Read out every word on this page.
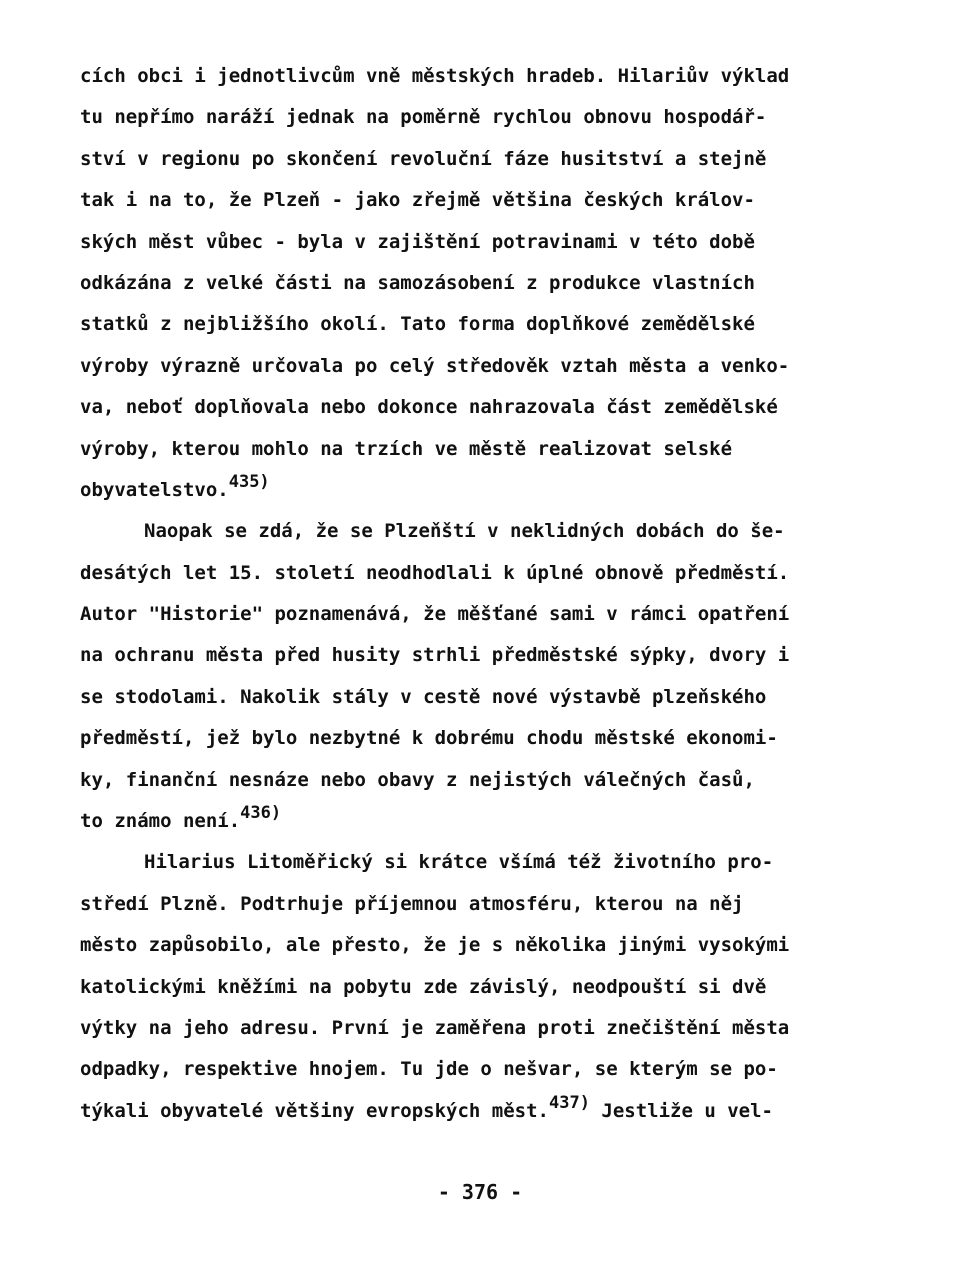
cích obci i jednotlivcům vně městských hradeb. Hilariův výklad
tu nepřímo naráží jednak na poměrně rychlou obnovu hospodář-
ství v regionu po skončení revoluční fáze husitství a stejně
tak i na to, že Plzeň - jako zřejmě většina českých králov-
ských měst vůbec - byla v zajištění potravinami v této době
odkázána z velké části na samozásobení z produkce vlastních
statků z nejbližšího okolí. Tato forma doplňkové zemědělské
výroby výrazně určovala po celý středověk vztah města a venko-
va, neboť doplňovala nebo dokonce nahrazovala část zemědělské
výroby, kterou mohlo na trzích ve městě realizovat selské
obyvatelstvo.$^{435)}$
Naopak se zdá, že se Plzeňští v neklidných dobách do še-
desátých let 15. století neodhodlali k úplné obnově předměstí.
Autor "Historie" poznamenává, že měšťané sami v rámci opatření
na ochranu města před husity strhli předměstské sýpky, dvory i
se stodolami. Nakolik stály v cestě nové výstavbě plzeňského
předměstí, jež bylo nezbytné k dobrému chodu městské ekonomi-
ky, finanční nesnáze nebo obavy z nejistých válečných časů,
to známo není.$^{436)}$
Hilarius Litoměřický si krátce všímá též životního pro-
středí Plzně. Podtrhuje příjemnou atmosféru, kterou na něj
město zapůsobilo, ale přesto, že je s několika jinými vysokými
katolickými kněžími na pobytu zde závislý, neodpouští si dvě
výtky na jeho adresu. První je zaměřena proti znečištění města
odpadky, respektive hnojem. Tu jde o nešvar, se kterým se po-
týkali obyvatelé většiny evropských měst.$^{437)}$ Jestliže u vel-
- 376 -
